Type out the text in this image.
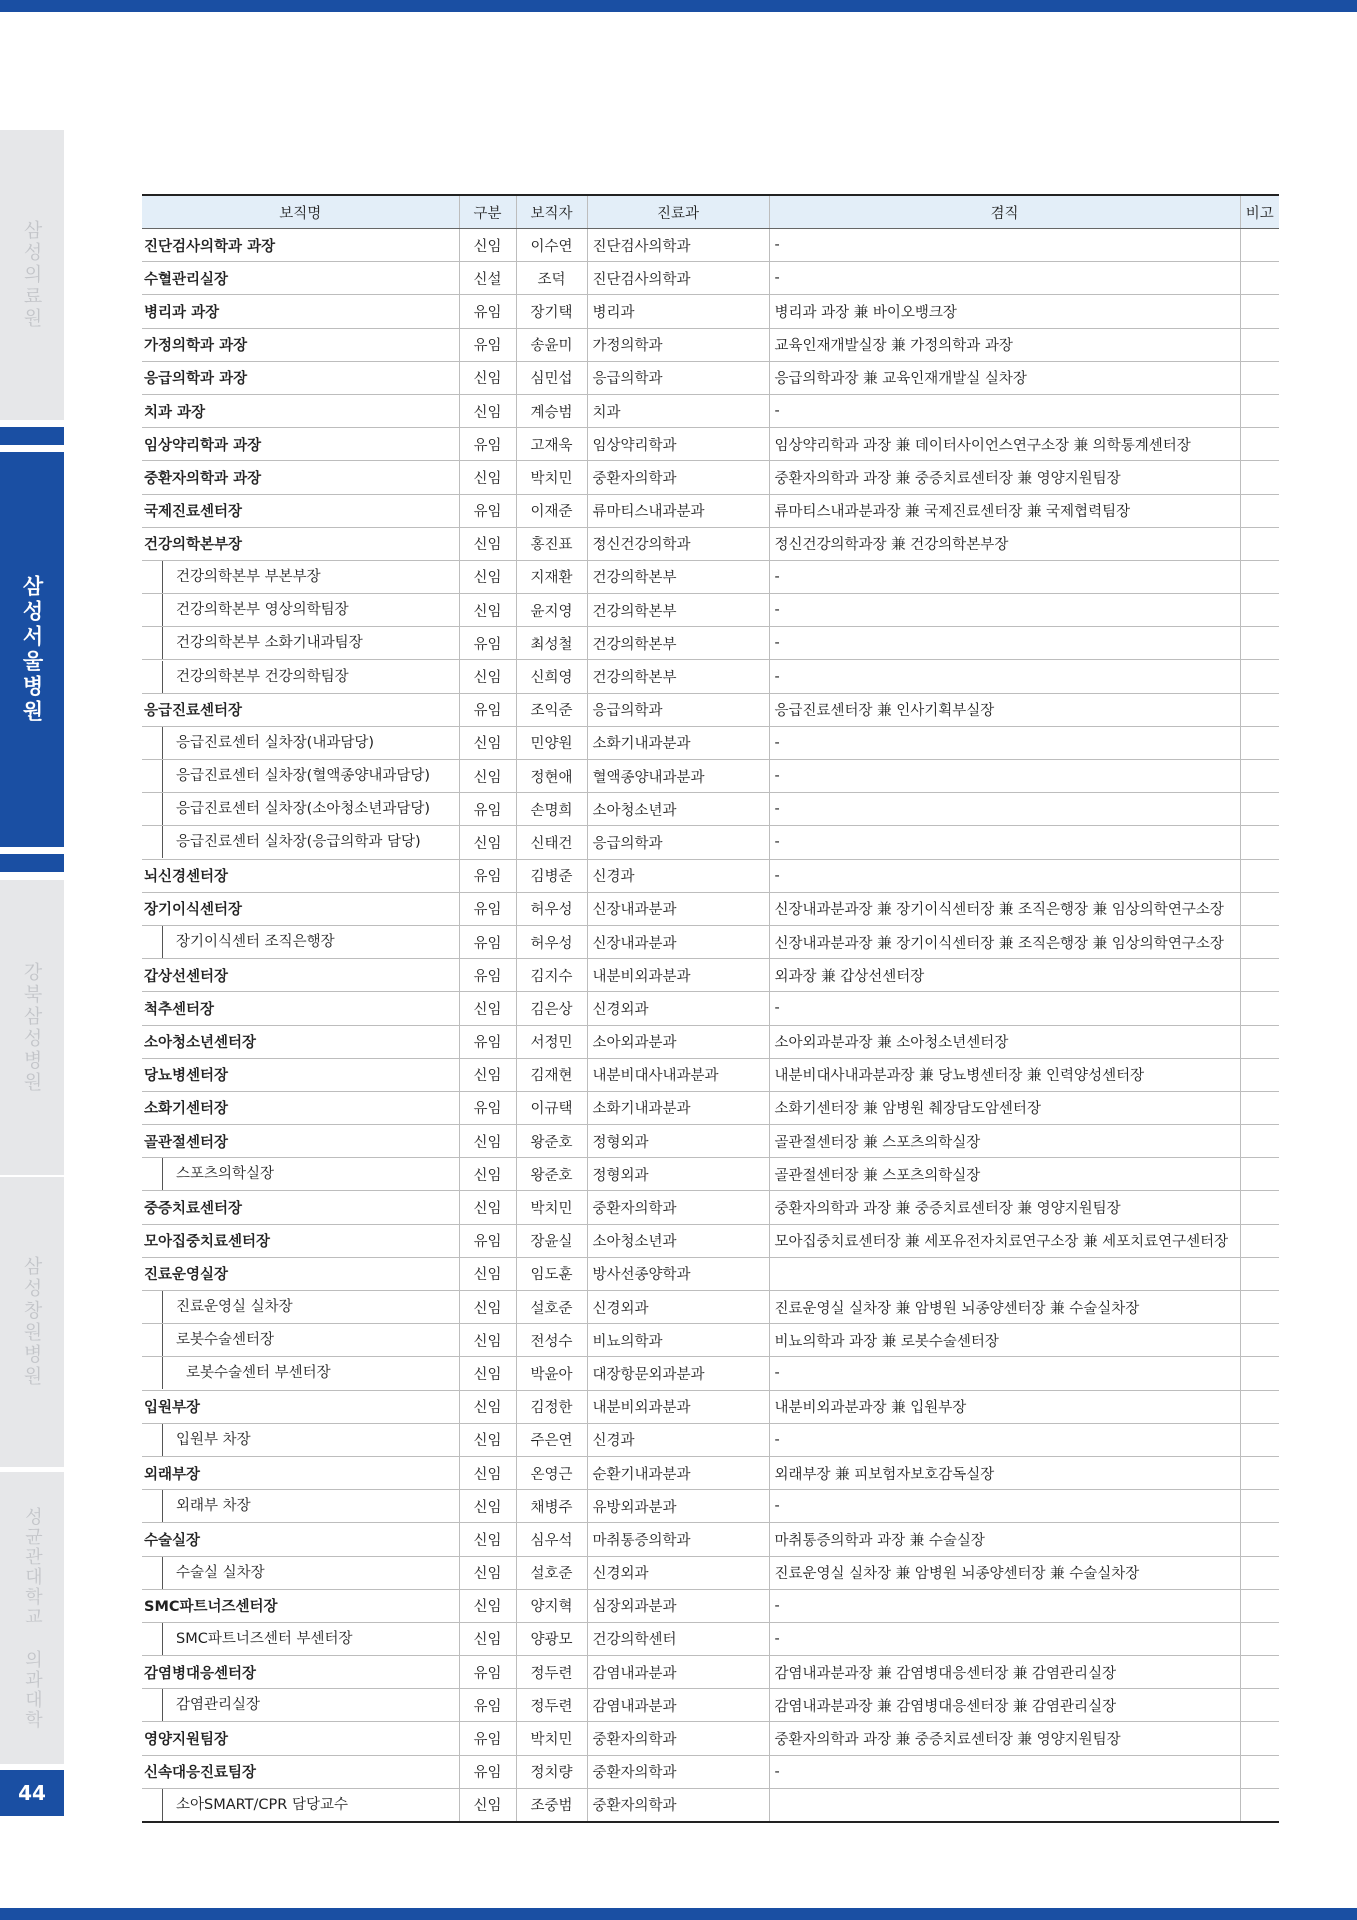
삼성의료원
삼성서울병원
강북삼성병원
삼성창원병원
성균관대학교 의과대학
44
보직명	구분	보직자	진료과	겸직	비고
진단검사의학과 과장	신임	이수연	진단검사의학과	-	
수혈관리실장	신설	조덕	진단검사의학과	-	
병리과 과장	유임	장기택	병리과	병리과 과장 兼 바이오뱅크장	
가정의학과 과장	유임	송윤미	가정의학과	교육인재개발실장 兼 가정의학과 과장	
응급의학과 과장	신임	심민섭	응급의학과	응급의학과장 兼 교육인재개발실 실차장	
치과 과장	신임	계승범	치과	-	
임상약리학과 과장	유임	고재욱	임상약리학과	임상약리학과 과장 兼 데이터사이언스연구소장 兼 의학통계센터장	
중환자의학과 과장	신임	박치민	중환자의학과	중환자의학과 과장 兼 중증치료센터장 兼 영양지원팀장	
국제진료센터장	유임	이재준	류마티스내과분과	류마티스내과분과장 兼 국제진료센터장 兼 국제협력팀장	
건강의학본부장	신임	홍진표	정신건강의학과	정신건강의학과장 兼 건강의학본부장	
건강의학본부 부본부장	신임	지재환	건강의학본부	-	
건강의학본부 영상의학팀장	신임	윤지영	건강의학본부	-	
건강의학본부 소화기내과팀장	유임	최성철	건강의학본부	-	
건강의학본부 건강의학팀장	신임	신희영	건강의학본부	-	
응급진료센터장	유임	조익준	응급의학과	응급진료센터장 兼 인사기획부실장	
응급진료센터 실차장(내과담당)	신임	민양원	소화기내과분과	-	
응급진료센터 실차장(혈액종양내과담당)	신임	정현애	혈액종양내과분과	-	
응급진료센터 실차장(소아청소년과담당)	유임	손명희	소아청소년과	-	
응급진료센터 실차장(응급의학과 담당)	신임	신태건	응급의학과	-	
뇌신경센터장	유임	김병준	신경과	-	
장기이식센터장	유임	허우성	신장내과분과	신장내과분과장 兼 장기이식센터장 兼 조직은행장 兼 임상의학연구소장	
장기이식센터 조직은행장	유임	허우성	신장내과분과	신장내과분과장 兼 장기이식센터장 兼 조직은행장 兼 임상의학연구소장	
갑상선센터장	유임	김지수	내분비외과분과	외과장 兼 갑상선센터장	
척추센터장	신임	김은상	신경외과	-	
소아청소년센터장	유임	서정민	소아외과분과	소아외과분과장 兼 소아청소년센터장	
당뇨병센터장	신임	김재현	내분비대사내과분과	내분비대사내과분과장 兼 당뇨병센터장 兼 인력양성센터장	
소화기센터장	유임	이규택	소화기내과분과	소화기센터장 兼 암병원 췌장담도암센터장	
골관절센터장	신임	왕준호	정형외과	골관절센터장 兼 스포츠의학실장	
스포츠의학실장	신임	왕준호	정형외과	골관절센터장 兼 스포츠의학실장	
중증치료센터장	신임	박치민	중환자의학과	중환자의학과 과장 兼 중증치료센터장 兼 영양지원팀장	
모아집중치료센터장	유임	장윤실	소아청소년과	모아집중치료센터장 兼 세포유전자치료연구소장 兼 세포치료연구센터장	
진료운영실장	신임	임도훈	방사선종양학과		
진료운영실 실차장	신임	설호준	신경외과	진료운영실 실차장 兼 암병원 뇌종양센터장 兼 수술실차장	
로봇수술센터장	신임	전성수	비뇨의학과	비뇨의학과 과장 兼 로봇수술센터장	
로봇수술센터 부센터장	신임	박윤아	대장항문외과분과	-	
입원부장	신임	김정한	내분비외과분과	내분비외과분과장 兼 입원부장	
입원부 차장	신임	주은연	신경과	-	
외래부장	신임	온영근	순환기내과분과	외래부장 兼 피보험자보호감독실장	
외래부 차장	신임	채병주	유방외과분과	-	
수술실장	신임	심우석	마취통증의학과	마취통증의학과 과장 兼 수술실장	
수술실 실차장	신임	설호준	신경외과	진료운영실 실차장 兼 암병원 뇌종양센터장 兼 수술실차장	
SMC파트너즈센터장	신임	양지혁	심장외과분과	-	
SMC파트너즈센터 부센터장	신임	양광모	건강의학센터	-	
감염병대응센터장	유임	정두련	감염내과분과	감염내과분과장 兼 감염병대응센터장 兼 감염관리실장	
감염관리실장	유임	정두련	감염내과분과	감염내과분과장 兼 감염병대응센터장 兼 감염관리실장	
영양지원팀장	유임	박치민	중환자의학과	중환자의학과 과장 兼 중증치료센터장 兼 영양지원팀장	
신속대응진료팀장	유임	정치량	중환자의학과	-	
소아SMART/CPR 담당교수	신임	조중범	중환자의학과		
